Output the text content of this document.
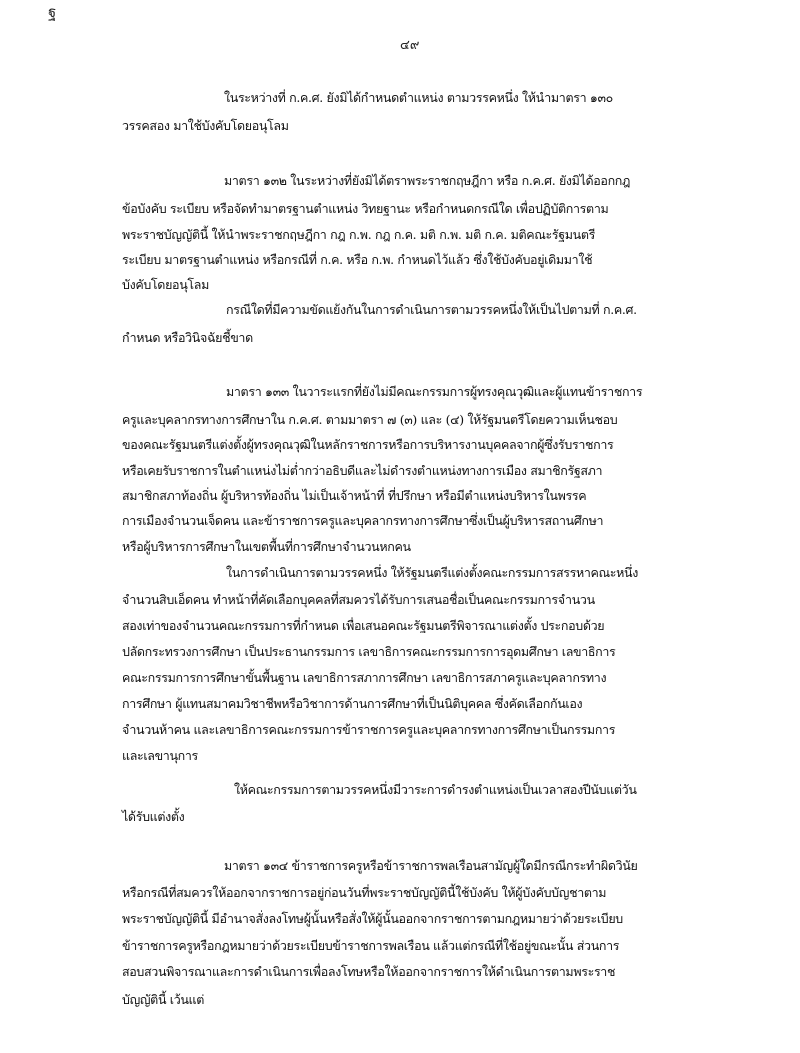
ฐ
๔๙
ในระหว่างที่ ก.ค.ศ. ยังมิได้กำหนดตำแหน่ง ตามวรรคหนึ่ง ให้นำมาตรา ๑๓๐
วรรคสอง มาใช้บังคับโดยอนุโลม
มาตรา ๑๓๒ ในระหว่างที่ยังมิได้ตราพระราชกฤษฎีกา หรือ ก.ค.ศ. ยังมิได้ออกกฎ
ข้อบังคับ ระเบียบ หรือจัดทำมาตรฐานตำแหน่ง วิทยฐานะ หรือกำหนดกรณีใด เพื่อปฏิบัติการตาม
พระราชบัญญัตินี้ ให้นำพระราชกฤษฎีกา กฎ ก.พ. กฎ ก.ค. มติ ก.พ. มติ ก.ค. มติคณะรัฐมนตรี
ระเบียบ มาตรฐานตำแหน่ง หรือกรณีที่ ก.ค. หรือ ก.พ. กำหนดไว้แล้ว ซึ่งใช้บังคับอยู่เดิมมาใช้
บังคับโดยอนุโลม
กรณีใดที่มีความขัดแย้งกันในการดำเนินการตามวรรคหนึ่งให้เป็นไปตามที่ ก.ค.ศ.
กำหนด หรือวินิจฉัยชี้ขาด
มาตรา ๑๓๓ ในวาระแรกที่ยังไม่มีคณะกรรมการผู้ทรงคุณวุฒิและผู้แทนข้าราชการ
ครูและบุคลากรทางการศึกษาใน ก.ค.ศ. ตามมาตรา ๗ (๓) และ (๔) ให้รัฐมนตรีโดยความเห็นชอบ
ของคณะรัฐมนตรีแต่งตั้งผู้ทรงคุณวุฒิในหลักราชการหรือการบริหารงานบุคคลจากผู้ซึ่งรับราชการ
หรือเคยรับราชการในตำแหน่งไม่ต่ำกว่าอธิบดีและไม่ดำรงตำแหน่งทางการเมือง สมาชิกรัฐสภา
สมาชิกสภาท้องถิ่น ผู้บริหารท้องถิ่น ไม่เป็นเจ้าหน้าที่ ที่ปรึกษา หรือมีตำแหน่งบริหารในพรรค
การเมืองจำนวนเจ็ดคน และข้าราชการครูและบุคลากรทางการศึกษาซึ่งเป็นผู้บริหารสถานศึกษา
หรือผู้บริหารการศึกษาในเขตพื้นที่การศึกษาจำนวนหกคน
ในการดำเนินการตามวรรคหนึ่ง ให้รัฐมนตรีแต่งตั้งคณะกรรมการสรรหาคณะหนึ่ง
จำนวนสิบเอ็ดคน ทำหน้าที่คัดเลือกบุคคลที่สมควรได้รับการเสนอชื่อเป็นคณะกรรมการจำนวน
สองเท่าของจำนวนคณะกรรมการที่กำหนด เพื่อเสนอคณะรัฐมนตรีพิจารณาแต่งตั้ง ประกอบด้วย
ปลัดกระทรวงการศึกษา เป็นประธานกรรมการ เลขาธิการคณะกรรมการการอุดมศึกษา เลขาธิการ
คณะกรรมการการศึกษาขั้นพื้นฐาน เลขาธิการสภาการศึกษา เลขาธิการสภาครูและบุคลากรทาง
การศึกษา ผู้แทนสมาคมวิชาชีพหรือวิชาการด้านการศึกษาที่เป็นนิติบุคคล ซึ่งคัดเลือกกันเอง
จำนวนห้าคน และเลขาธิการคณะกรรมการข้าราชการครูและบุคลากรทางการศึกษาเป็นกรรมการ
และเลขานุการ
ให้คณะกรรมการตามวรรคหนึ่งมีวาระการดำรงตำแหน่งเป็นเวลาสองปีนับแต่วัน
ได้รับแต่งตั้ง
มาตรา ๑๓๔ ข้าราชการครูหรือข้าราชการพลเรือนสามัญผู้ใดมีกรณีกระทำผิดวินัย
หรือกรณีที่สมควรให้ออกจากราชการอยู่ก่อนวันที่พระราชบัญญัตินี้ใช้บังคับ ให้ผู้บังคับบัญชาตาม
พระราชบัญญัตินี้ มีอำนาจสั่งลงโทษผู้นั้นหรือสั่งให้ผู้นั้นออกจากราชการตามกฎหมายว่าด้วยระเบียบ
ข้าราชการครูหรือกฎหมายว่าด้วยระเบียบข้าราชการพลเรือน แล้วแต่กรณีที่ใช้อยู่ขณะนั้น ส่วนการ
สอบสวนพิจารณาและการดำเนินการเพื่อลงโทษหรือให้ออกจากราชการให้ดำเนินการตามพระราช
บัญญัตินี้ เว้นแต่
